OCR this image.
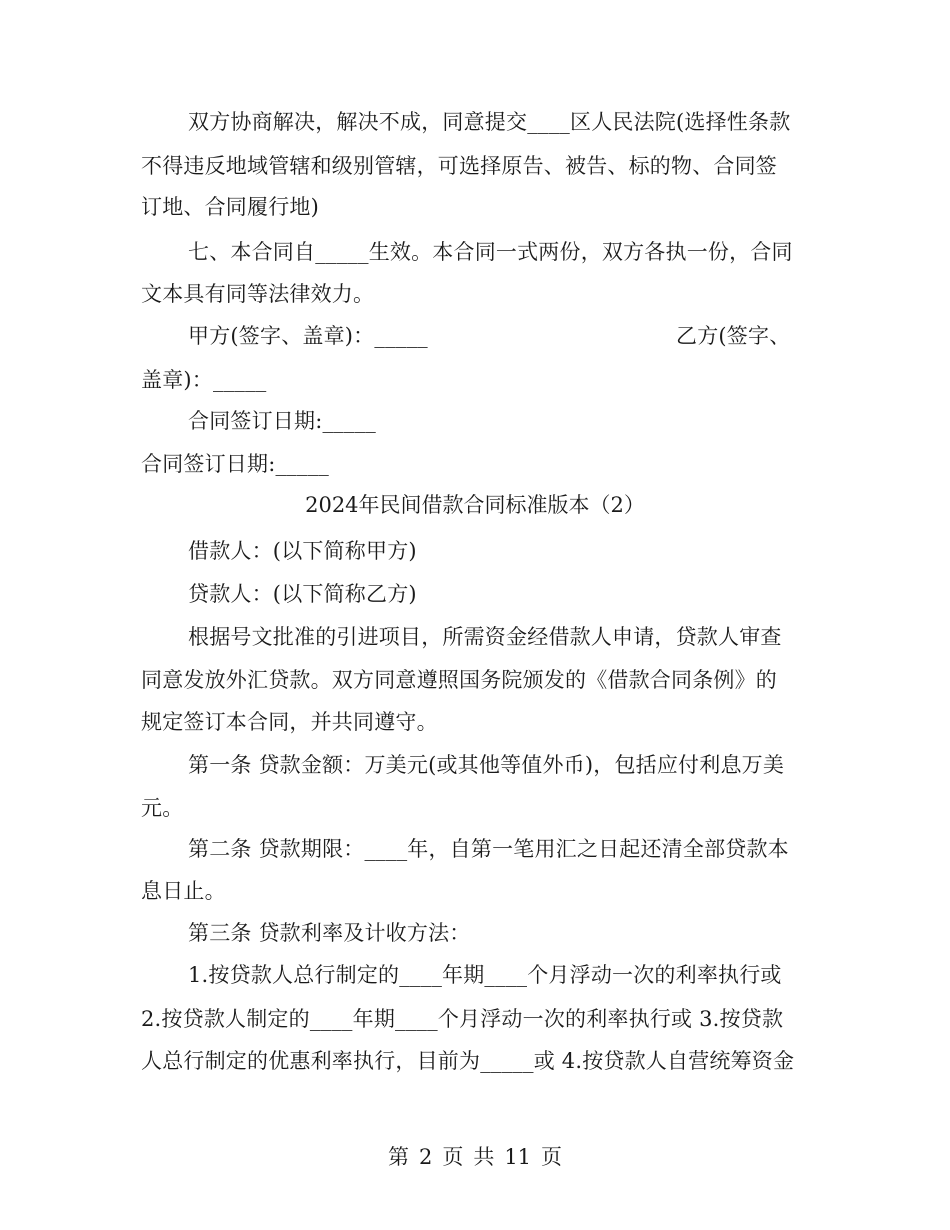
双方协商解决，解决不成，同意提交____区人民法院(选择性条款
不得违反地域管辖和级别管辖，可选择原告、被告、标的物、合同签
订地、合同履行地)
七、本合同自_____生效。本合同一式两份，双方各执一份，合同
文本具有同等法律效力。
甲方(签字、盖章)：_____	乙方(签字、
盖章)：_____
合同签订日期:_____
合同签订日期:_____
2024年民间借款合同标准版本（2）
借款人：(以下简称甲方)
贷款人：(以下简称乙方)
根据号文批准的引进项目，所需资金经借款人申请，贷款人审查
同意发放外汇贷款。双方同意遵照国务院颁发的《借款合同条例》的
规定签订本合同，并共同遵守。
第一条 贷款金额：万美元(或其他等值外币)，包括应付利息万美
元。
第二条 贷款期限：____年，自第一笔用汇之日起还清全部贷款本
息日止。
第三条 贷款利率及计收方法：
1.按贷款人总行制定的____年期____个月浮动一次的利率执行或
2.按贷款人制定的____年期____个月浮动一次的利率执行或 3.按贷款
人总行制定的优惠利率执行，目前为_____或 4.按贷款人自营统筹资金
第 2 页 共 11 页
